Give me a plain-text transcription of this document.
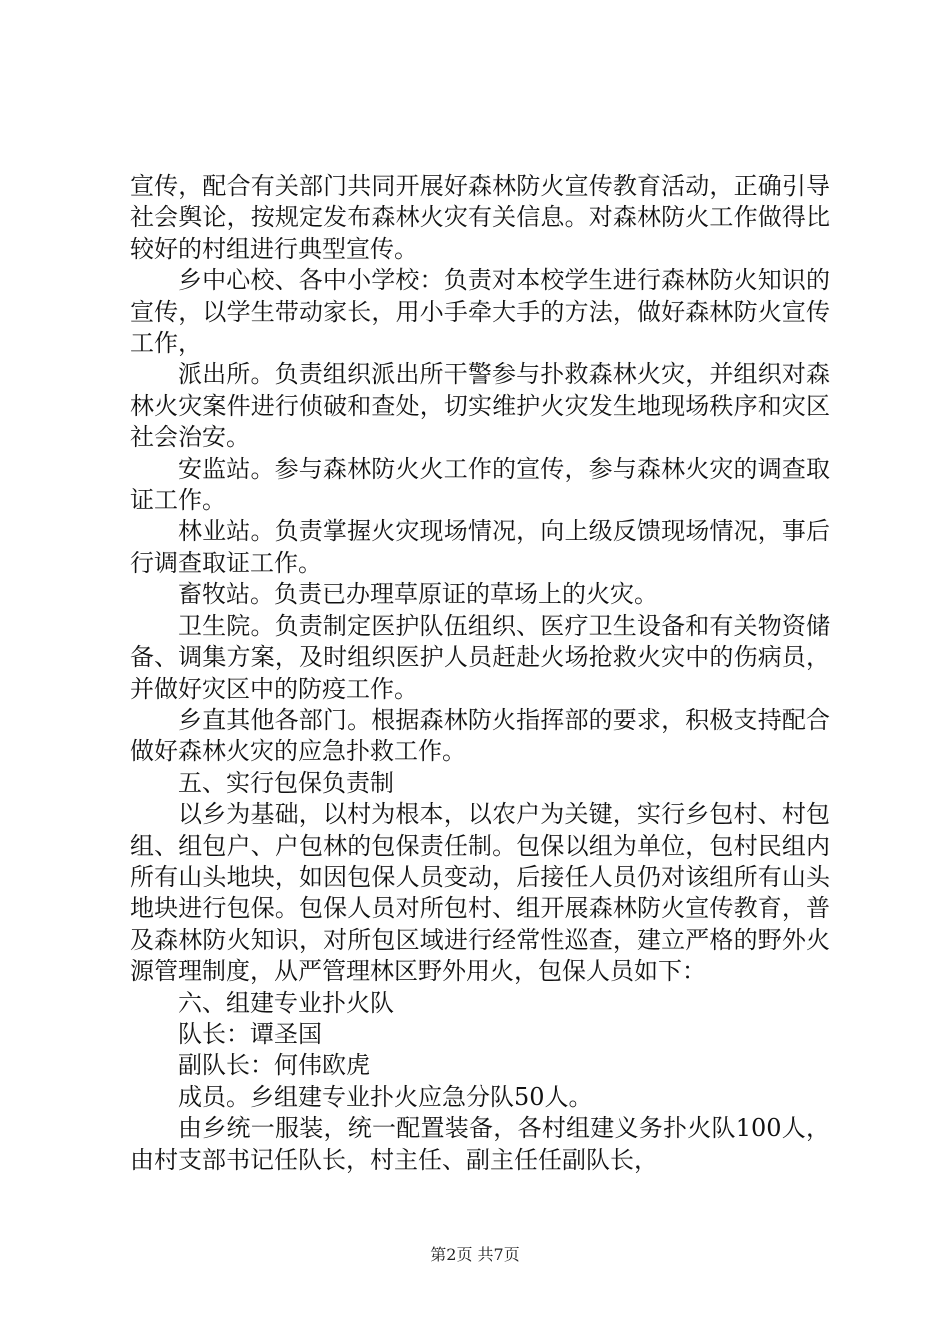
宣传，配合有关部门共同开展好森林防火宣传教育活动，正确引导社会舆论，按规定发布森林火灾有关信息。对森林防火工作做得比较好的村组进行典型宣传。

乡中心校、各中小学校：负责对本校学生进行森林防火知识的宣传，以学生带动家长，用小手牵大手的方法，做好森林防火宣传工作，

派出所。负责组织派出所干警参与扑救森林火灾，并组织对森林火灾案件进行侦破和查处，切实维护火灾发生地现场秩序和灾区社会治安。

安监站。参与森林防火火工作的宣传，参与森林火灾的调查取证工作。

林业站。负责掌握火灾现场情况，向上级反馈现场情况，事后行调查取证工作。

畜牧站。负责已办理草原证的草场上的火灾。

卫生院。负责制定医护队伍组织、医疗卫生设备和有关物资储备、调集方案，及时组织医护人员赶赴火场抢救火灾中的伤病员，并做好灾区中的防疫工作。

乡直其他各部门。根据森林防火指挥部的要求，积极支持配合做好森林火灾的应急扑救工作。

五、实行包保负责制

以乡为基础，以村为根本，以农户为关键，实行乡包村、村包组、组包户、户包林的包保责任制。包保以组为单位，包村民组内所有山头地块，如因包保人员变动，后接任人员仍对该组所有山头地块进行包保。包保人员对所包村、组开展森林防火宣传教育，普及森林防火知识，对所包区域进行经常性巡查，建立严格的野外火源管理制度，从严管理林区野外用火，包保人员如下：

六、组建专业扑火队

队长：谭圣国

副队长：何伟欧虎

成员。乡组建专业扑火应急分队50人。

由乡统一服装，统一配置装备，各村组建义务扑火队100人，由村支部书记任队长，村主任、副主任任副队长，

第2页 共7页
